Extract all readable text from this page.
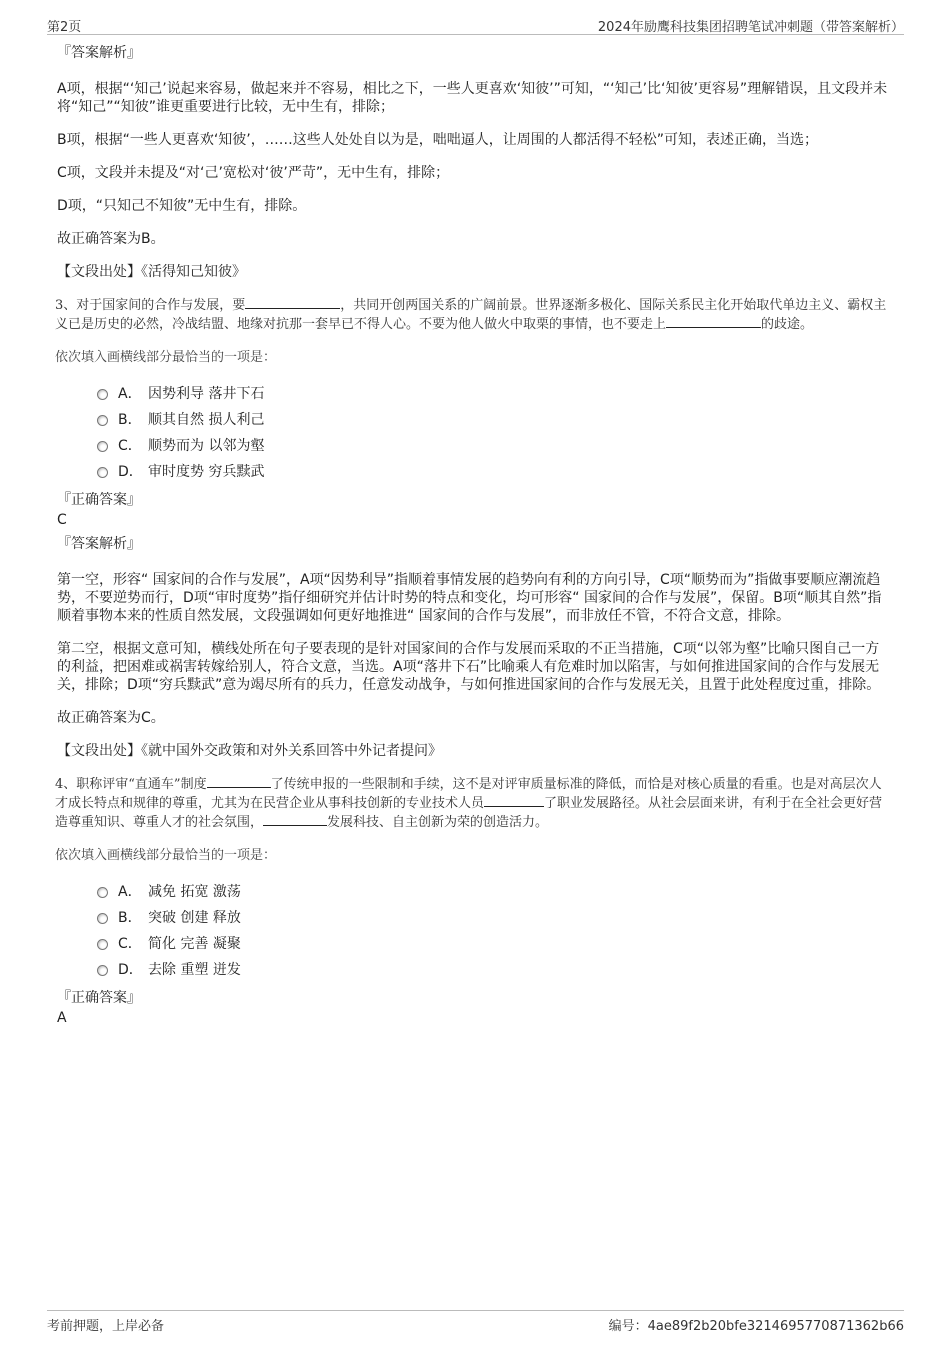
第2页	2024年励鹰科技集团招聘笔试冲刺题（带答案解析）
『答案解析』

A项，根据“‘知己’说起来容易，做起来并不容易，相比之下，一些人更喜欢‘知彼’”可知，“‘知己’比‘知彼’更容易”理解错误，且文段并未将“知己”“知彼”谁更重要进行比较，无中生有，排除；

B项，根据“一些人更喜欢‘知彼’，……这些人处处自以为是，咄咄逼人，让周围的人都活得不轻松”可知，表述正确，当选；

C项，文段并未提及“对‘己’宽松对‘彼’严苛”，无中生有，排除；

D项，“只知己不知彼”无中生有，排除。

故正确答案为B。

【文段出处】《活得知己知彼》

3、对于国家间的合作与发展，要	，共同开创两国关系的广阔前景。世界逐渐多极化、国际关系民主化开始取代单边主义、霸权主义已是历史的必然，冷战结盟、地缘对抗那一套早已不得人心。不要为他人做火中取栗的事情，也不要走上	的歧途。

依次填入画横线部分最恰当的一项是：

A． 因势利导 落井下石
B． 顺其自然 损人利己
C． 顺势而为 以邻为壑
D． 审时度势 穷兵黩武
『正确答案』
C
『答案解析』

第一空，形容“ 国家间的合作与发展”，A项“因势利导”指顺着事情发展的趋势向有利的方向引导，C项“顺势而为”指做事要顺应潮流趋势，不要逆势而行，D项“审时度势”指仔细研究并估计时势的特点和变化，均可形容“ 国家间的合作与发展”，保留。B项“顺其自然”指顺着事物本来的性质自然发展，文段强调如何更好地推进“ 国家间的合作与发展”，而非放任不管，不符合文意，排除。

第二空，根据文意可知，横线处所在句子要表现的是针对国家间的合作与发展而采取的不正当措施，C项“以邻为壑”比喻只图自己一方的利益，把困难或祸害转嫁给别人，符合文意，当选。A项“落井下石”比喻乘人有危难时加以陷害，与如何推进国家间的合作与发展无关，排除；D项“穷兵黩武”意为竭尽所有的兵力，任意发动战争，与如何推进国家间的合作与发展无关，且置于此处程度过重，排除。

故正确答案为C。

【文段出处】《就中国外交政策和对外关系回答中外记者提问》

4、职称评审“直通车”制度	了传统申报的一些限制和手续，这不是对评审质量标准的降低，而恰是对核心质量的看重。也是对高层次人才成长特点和规律的尊重，尤其为在民营企业从事科技创新的专业技术人员	了职业发展路径。从社会层面来讲，有利于在全社会更好营造尊重知识、尊重人才的社会氛围，	发展科技、自主创新为荣的创造活力。

依次填入画横线部分最恰当的一项是：

A． 减免 拓宽 激荡
B． 突破 创建 释放
C． 简化 完善 凝聚
D． 去除 重塑 迸发
『正确答案』
A
考前押题，上岸必备	编号：4ae89f2b20bfe3214695770871362b66
